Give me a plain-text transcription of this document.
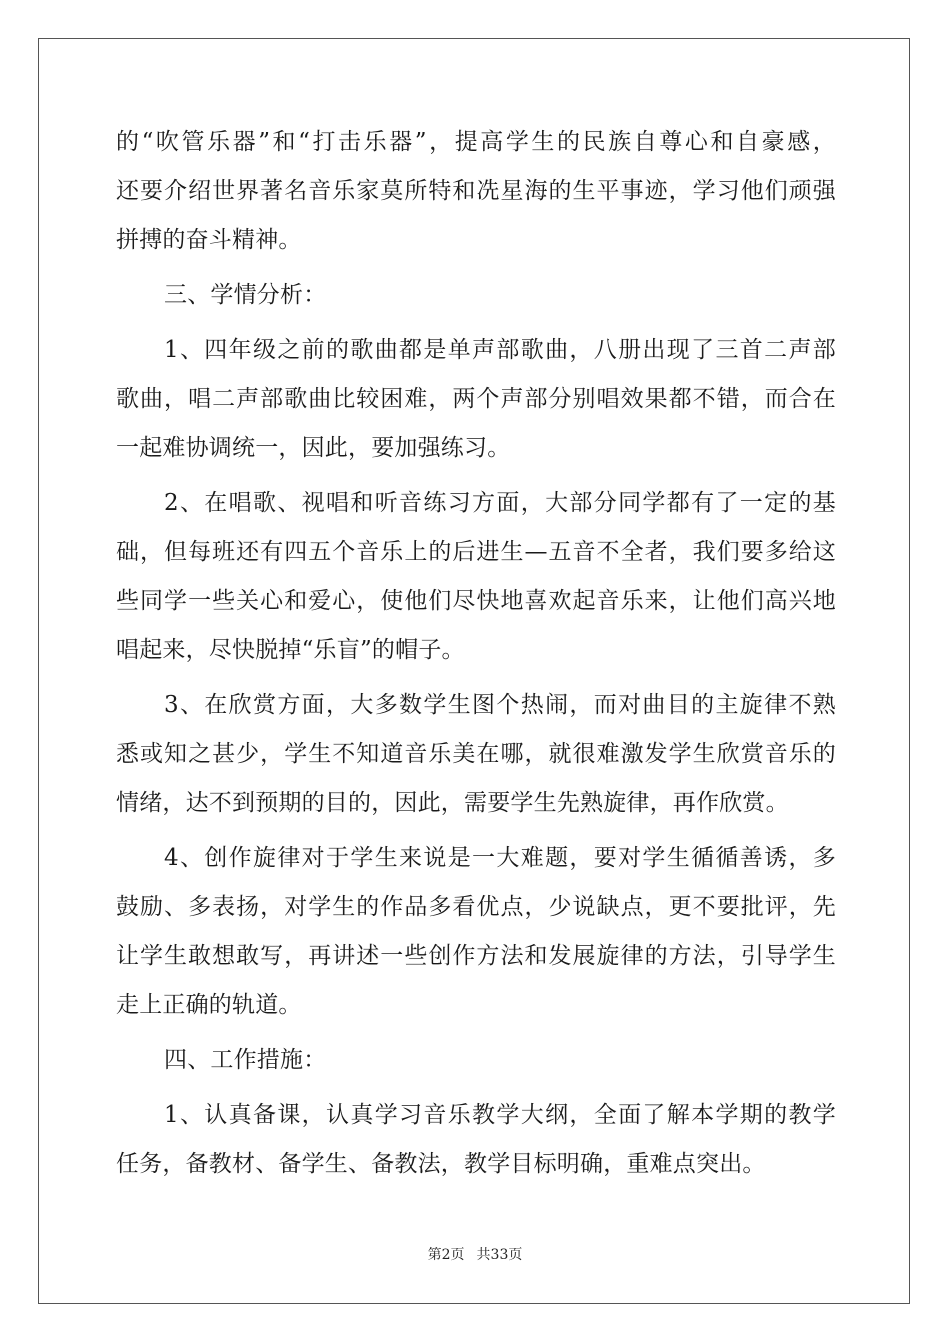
的“吹管乐器”和“打击乐器”，提高学生的民族自尊心和自豪感，
还要介绍世界著名音乐家莫所特和冼星海的生平事迹，学习他们顽强
拼搏的奋斗精神。
三、学情分析：
1、四年级之前的歌曲都是单声部歌曲，八册出现了三首二声部
歌曲，唱二声部歌曲比较困难，两个声部分别唱效果都不错，而合在
一起难协调统一，因此，要加强练习。
2、在唱歌、视唱和听音练习方面，大部分同学都有了一定的基
础，但每班还有四五个音乐上的后进生—五音不全者，我们要多给这
些同学一些关心和爱心，使他们尽快地喜欢起音乐来，让他们高兴地
唱起来，尽快脱掉“乐盲”的帽子。
3、在欣赏方面，大多数学生图个热闹，而对曲目的主旋律不熟
悉或知之甚少，学生不知道音乐美在哪，就很难激发学生欣赏音乐的
情绪，达不到预期的目的，因此，需要学生先熟旋律，再作欣赏。
4、创作旋律对于学生来说是一大难题，要对学生循循善诱，多
鼓励、多表扬，对学生的作品多看优点，少说缺点，更不要批评，先
让学生敢想敢写，再讲述一些创作方法和发展旋律的方法，引导学生
走上正确的轨道。
四、工作措施：
1、认真备课，认真学习音乐教学大纲，全面了解本学期的教学
任务，备教材、备学生、备教法，教学目标明确，重难点突出。
第2页 共33页
